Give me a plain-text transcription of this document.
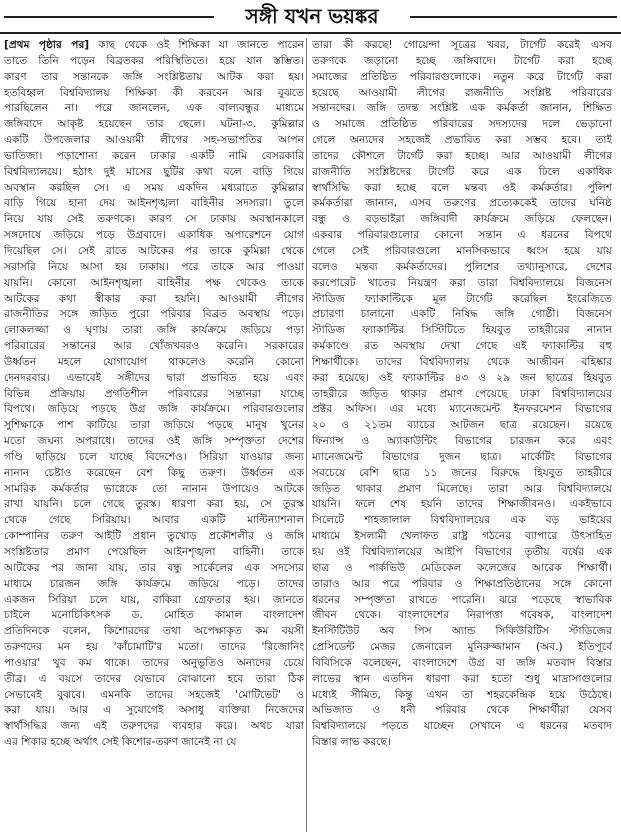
সঙ্গী যখন ভয়ঙ্কর
[প্রথম পৃষ্ঠার পর] কাছ থেকে ওই শিক্ষিকা যা জানতে পারেন
তাতে তিনি পড়েন বিব্রতকর পরিস্থিতিতে। হয়ে যান স্তম্ভিত।
কারণ তার সন্তানকে জঙ্গি সংশ্লিষ্টতায় আটক করা হয়।
হতবিহ্বল বিশ্ববিদ্যালয় শিক্ষিকা কী করবেন আর বুঝতে
পারছিলেন না। পরে জানলেন, এক বাল্যবন্ধুর মাধ্যমে
জঙ্গিবাদে আকৃষ্ট হয়েছেন তার ছেলে। ঘটনা-৩. কুমিল্লার
একটি উপজেলার আওয়ামী লীগের সহ-সভাপতির আপন
ভাতিজা। পড়াশোনা করেন ঢাকার একটি নামি বেসরকারি
বিশ্ববিদ্যালয়ে। হঠাৎ দুই মাসের ছুটির কথা বলে বাড়ি গিয়ে
অবস্থান করছিল সে। এ সময় একদিন মধ্যরাতে কুমিল্লার
বাড়ি গিয়ে হানা দেয় আইনশৃঙ্খলা বাহিনীর সদস্যরা। তুলে
নিয়ে যায় সেই তরুণকে। কারণ সে ঢাকায় অবস্থানকালে
সঙ্গদোষে জড়িয়ে পড়ে উগ্রবাদে। একাধিক অপারেশনে যোগ
দিয়েছিল সে। সেই রাতে আটকের পর তাকে কুমিল্লা থেকে
সরাসরি নিয়ে আসা হয় ঢাকায়। পরে তাকে আর পাওয়া
যায়নি। কোনো আইনশৃঙ্খলা বাহিনীর পক্ষ থেকেও তাকে
আটকের কথা স্বীকার করা হয়নি। আওয়ামী লীগের
রাজনীতির সঙ্গে জড়িত পুরো পরিবার বিব্রত অবস্থায় পড়ে।
লোকলজ্জা ও ঘৃণায় তারা জঙ্গি কার্যক্রমে জড়িয়ে পড়া
পরিবারের সন্তানের আর খোঁজখবরও করেনি। সরকারের
উর্ধ্বতন মহলে যোগাযোগ থাকলেও করেনি কোনো
দেনদরবার। এভাবেই সঙ্গীদের দ্বারা প্রভাবিত হয়ে এবং
বিভিন্ন প্রক্রিয়ায় প্রগতিশীল পরিবারের সন্তানরা যাচ্ছে
বিপথে। জড়িয়ে পড়ছে উগ্র জঙ্গি কার্যক্রমে। পরিবারগুলোর
সুশিক্ষাকে পাশ কাটিয়ে তারা জড়িয়ে পড়ছে মানুষ খুনের
মতো জঘন্য অপরাধে। তাদের ওই জঙ্গি সম্পৃক্ততা দেশের
গণ্ডি ছাড়িয়ে চলে যাচ্ছে বিদেশেও। সিরিয়া যাওয়ার জন্য
নানান চেষ্টাও করেছেন বেশ কিছু তরুণ। উর্ধ্বতন এক
সামরিক কর্মকর্তার ভাগ্নেকে তো নানান উপায়েও আটকে
রাখা যায়নি। চলে গেছে তুরস্ক। ধারণা করা হয়, সে তুরস্ক
থেকে গেছে সিরিয়ায়। আবার একটি মাল্টিন্যাশনাল
কোম্পানির তরুণ আইটি প্রধান তুখোড় প্রকৌশলীর ও জঙ্গি
সংশ্লিষ্টতার প্রমাণ পেয়েছিল আইনশৃঙ্খলা বাহিনী। তাকে
আটকের পর জানা যায়, তার বন্ধু সার্কেলের এক সদস্যের
মাধ্যমে চারজন জঙ্গি কার্যক্রমে জড়িয়ে পড়ে। তাদের
একজন সিরিয়া চলে যায়, বাকিরা গ্রেফতার হয়। জানতে
চাইলে মনোচিকিৎসক ড. মোহিত কামাল বাংলাদেশ
প্রতিদিনকে বলেন, কিশোরদের তথা অপেক্ষাকৃত কম বয়সী
তরুণদের মন হয় 'কাঁচামাটি'র মতো। তাদের 'রিজোনিং
পাওয়ার' খুব কম থাকে। তাদের অনুভূতিও অন্যদের চেয়ে
তীব্র। এ বয়সে তাদের যেভাবে বোঝানো হবে তারা ঠিক
সেভাবেই বুঝবে। এমনকি তাদের সহজেই 'মোটিভেট' ও
করা যায়। আর এ সুযোগেই অসাধু ব্যক্তিরা নিজেদের
স্বার্থসিদ্ধির জন্য এই তরুণদের ব্যবহার করে। অথচ যারা
এর শিকার হচ্ছে অর্থাৎ সেই কিশোর-তরুণ জানেই না যে
তারা কী করছে! গোয়েন্দা সূত্রের খবর, টার্গেট করেই এসব
তরুণকে জড়ানো হচ্ছে জঙ্গিবাদে। টার্গেট করা হচ্ছে
সমাজের প্রতিষ্ঠিত পরিবারগুলোকে। নতুন করে টার্গেট করা
হয়েছে আওয়ামী লীগের রাজনীতি সংশ্লিষ্ট পরিবারের
সন্তানদের। জঙ্গি তদন্ত সংশ্লিষ্ট এক কর্মকর্তা জানান, শিক্ষিত
ও সমাজে প্রতিষ্ঠিত পরিবারের সদস্যদের দলে ভেড়ানো
গেলে অন্যদের সহজেই প্রভাবিত করা সম্ভব হবে। তাই
তাদের কৌশলে টার্গেট করা হচ্ছে। আর আওয়ামী লীগের
রাজনীতি সংশ্লিষ্টদের টার্গেট করে এক ঢিলে একাধিক
স্বার্থসিদ্ধি করা হচ্ছে বলে মন্তব্য ওই কর্মকর্তার। পুলিশ
কর্মকর্তারা জানান, এসব তরুণের প্রত্যেককেই তাদের ঘনিষ্ঠ
বন্ধু ও বড়ভাইরা জঙ্গিবাদী কার্যক্রমে জড়িয়ে ফেলছেন।
একবার পরিবারগুলোর কোনো সন্তান এ ধরনের বিপথে
গেলে সেই পরিবারগুলো মানসিকভাবে ধ্বংস হয়ে যায়
বলেও মন্তব্য কর্মকর্তাদের। পুলিশের তথ্যানুসারে, দেশের
করপোরেট খাতের নিয়ন্ত্রণ করা তারা বিশ্ববিদ্যালয়ে বিজনেস
স্টাডিজ ফ্যাকাল্টিকে মূল টার্গেট করেছিল ইংরেজিতে
প্রচারণা চালানো একটি নিষিদ্ধ জঙ্গি গোষ্ঠী। বিজনেস
স্টাডিজ ফ্যাকাল্টির সিস্টিটিতে হিযবুত তাহরীরের নানান
কর্মকাণ্ডে রত অবস্থায় দেখা গেছে এই ফ্যাকাল্টির বহু
শিক্ষার্থীকে। তাদের বিশ্ববিদ্যালয় থেকে আজীবন বহিষ্কার
করা হয়েছে। ওই ফ্যাকাল্টির ৪৩ ও ২৯ জন ছাত্রের হিযবুত
তাহরীরে জড়িত থাকার প্রমাণ পেয়েছে ঢাকা বিশ্ববিদ্যালয়ের
প্রক্টর অফিস। এর মধ্যে ম্যানেজমেন্ট ইনফরমেশন বিভাগের
২০ ও ২১তম ব্যাচের আটজন ছাত্র রয়েছেন। রয়েছে
ফিন্যান্স ও অ্যাকাউন্টিং বিভাগের চারজন করে এবং
ম্যানেজমেন্ট বিভাগের দুজন ছাত্র। মার্কেটিং বিভাগের
সবচেয়ে বেশি ছাত্র ১১ জনের বিরুদ্ধে হিযবুত তাহরীরে
জড়িত থাকার প্রমাণ মিলেছে। তারা আর বিশ্ববিদ্যালয়ে
যায়নি। ফলে শেষ হয়নি তাদের শিক্ষাজীবনও। একইভাবে
সিলেটে শাহজালাল বিশ্ববিদ্যালয়ের এক বড় ভাইয়ের
মাধ্যমে ইসলামী খেলাফত রাষ্ট্র গঠনের ব্যাপারে উৎসাহিত
হয় ওই বিশ্ববিদ্যালয়ের আইপি বিভাগের তৃতীয় বর্ষের এক
ছাত্র ও পার্কভিউ মেডিকেল কলেজের আরেক শিক্ষার্থী।
তারাও আর পরে পরিবার ও শিক্ষাপ্রতিষ্ঠানের সঙ্গে কোনো
ধরনের সম্পৃক্ততা রাখতে পারেনি। ঝরে পড়েছে স্বাভাবিক
জীবন থেকে। বাংলাদেশের নিরাপত্তা গবেষক, বাংলাদেশ
ইনস্টিটিউট অব পিস অ্যান্ড সিকিউরিটিস স্টাডিজের
প্রেসিডেন্ট মেজর জেনারেল মুনিরুজ্জামান (অব.) ইতিপূর্বে
বিবিসিকে বলেছেন, বাংলাদেশে উগ্র বা জঙ্গি মতবাদ বিস্তার
লাভের স্থান এতদিন ধারণা করা হতো শুধু মাদ্রাসাগুলোর
মধ্যেই সীমিত, কিন্তু এখন তা শহরকেন্দ্রিক হয়ে উঠেছে।
অভিজাত ও ধনী পরিবার থেকে শিক্ষার্থীরা যেসব
বিশ্ববিদ্যালয়ে পড়তে যাচ্ছেন সেখানে এ ধরনের মতবাদ
বিস্তার লাভ করছে।
